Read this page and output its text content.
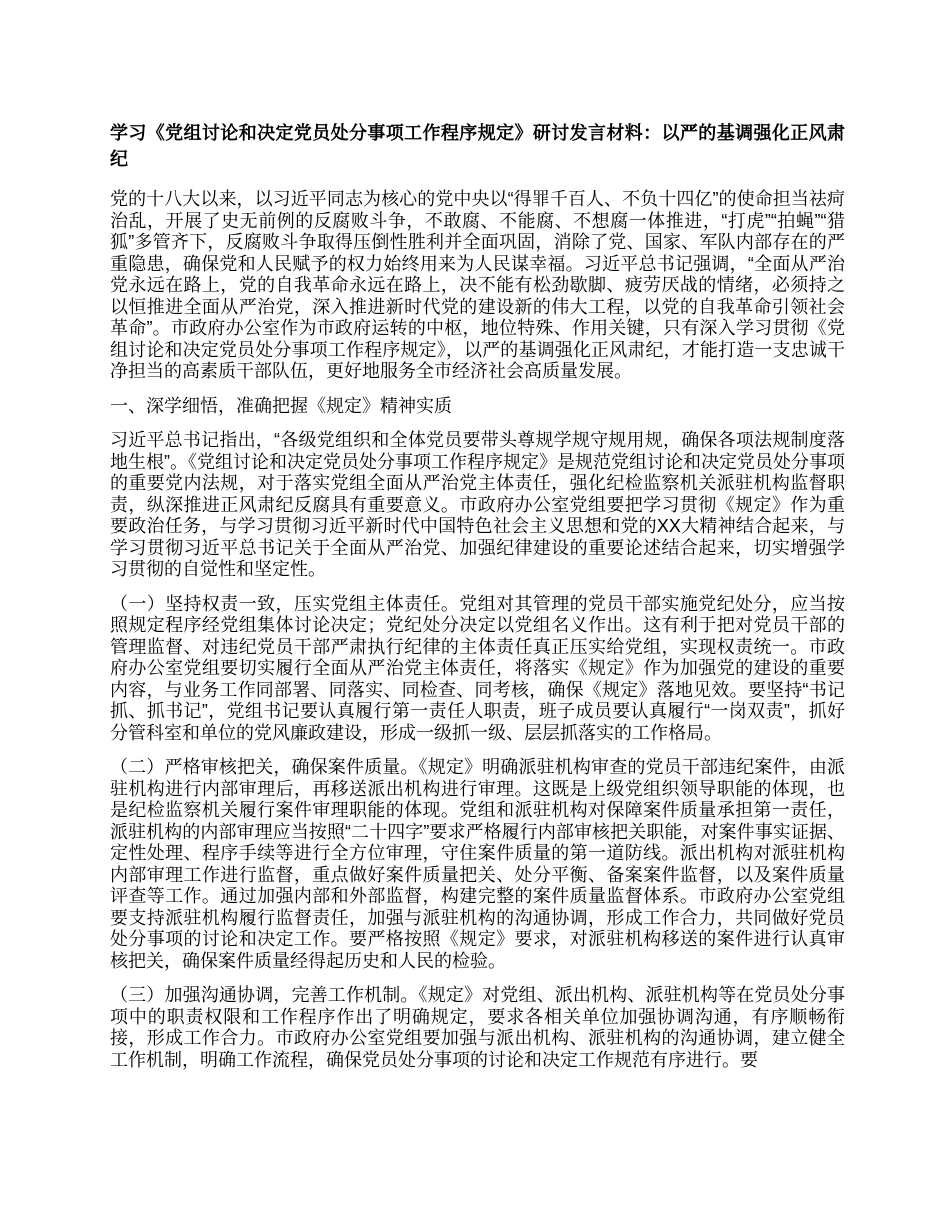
学习《党组讨论和决定党员处分事项工作程序规定》研讨发言材料：以严的基调强化正风肃纪

党的十八大以来，以习近平同志为核心的党中央以“得罪千百人、不负十四亿”的使命担当祛疴治乱，开展了史无前例的反腐败斗争，不敢腐、不能腐、不想腐一体推进，“打虎”“拍蝇”“猎狐”多管齐下，反腐败斗争取得压倒性胜利并全面巩固，消除了党、国家、军队内部存在的严重隐患，确保党和人民赋予的权力始终用来为人民谋幸福。习近平总书记强调，“全面从严治党永远在路上，党的自我革命永远在路上，决不能有松劲歇脚、疲劳厌战的情绪，必须持之以恒推进全面从严治党，深入推进新时代党的建设新的伟大工程，以党的自我革命引领社会革命”。市政府办公室作为市政府运转的中枢，地位特殊、作用关键，只有深入学习贯彻《党组讨论和决定党员处分事项工作程序规定》，以严的基调强化正风肃纪，才能打造一支忠诚干净担当的高素质干部队伍，更好地服务全市经济社会高质量发展。

一、深学细悟，准确把握《规定》精神实质

习近平总书记指出，“各级党组织和全体党员要带头尊规学规守规用规，确保各项法规制度落地生根”。《党组讨论和决定党员处分事项工作程序规定》是规范党组讨论和决定党员处分事项的重要党内法规，对于落实党组全面从严治党主体责任，强化纪检监察机关派驻机构监督职责，纵深推进正风肃纪反腐具有重要意义。市政府办公室党组要把学习贯彻《规定》作为重要政治任务，与学习贯彻习近平新时代中国特色社会主义思想和党的XX大精神结合起来，与学习贯彻习近平总书记关于全面从严治党、加强纪律建设的重要论述结合起来，切实增强学习贯彻的自觉性和坚定性。

（一）坚持权责一致，压实党组主体责任。党组对其管理的党员干部实施党纪处分，应当按照规定程序经党组集体讨论决定；党纪处分决定以党组名义作出。这有利于把对党员干部的管理监督、对违纪党员干部严肃执行纪律的主体责任真正压实给党组，实现权责统一。市政府办公室党组要切实履行全面从严治党主体责任，将落实《规定》作为加强党的建设的重要内容，与业务工作同部署、同落实、同检查、同考核，确保《规定》落地见效。要坚持“书记抓、抓书记”，党组书记要认真履行第一责任人职责，班子成员要认真履行“一岗双责”，抓好分管科室和单位的党风廉政建设，形成一级抓一级、层层抓落实的工作格局。

（二）严格审核把关，确保案件质量。《规定》明确派驻机构审查的党员干部违纪案件，由派驻机构进行内部审理后，再移送派出机构进行审理。这既是上级党组织领导职能的体现，也是纪检监察机关履行案件审理职能的体现。党组和派驻机构对保障案件质量承担第一责任，派驻机构的内部审理应当按照“二十四字”要求严格履行内部审核把关职能，对案件事实证据、定性处理、程序手续等进行全方位审理，守住案件质量的第一道防线。派出机构对派驻机构内部审理工作进行监督，重点做好案件质量把关、处分平衡、备案案件监督，以及案件质量评查等工作。通过加强内部和外部监督，构建完整的案件质量监督体系。市政府办公室党组要支持派驻机构履行监督责任，加强与派驻机构的沟通协调，形成工作合力，共同做好党员处分事项的讨论和决定工作。要严格按照《规定》要求，对派驻机构移送的案件进行认真审核把关，确保案件质量经得起历史和人民的检验。

（三）加强沟通协调，完善工作机制。《规定》对党组、派出机构、派驻机构等在党员处分事项中的职责权限和工作程序作出了明确规定，要求各相关单位加强协调沟通，有序顺畅衔接，形成工作合力。市政府办公室党组要加强与派出机构、派驻机构的沟通协调，建立健全工作机制，明确工作流程，确保党员处分事项的讨论和决定工作规范有序进行。要
